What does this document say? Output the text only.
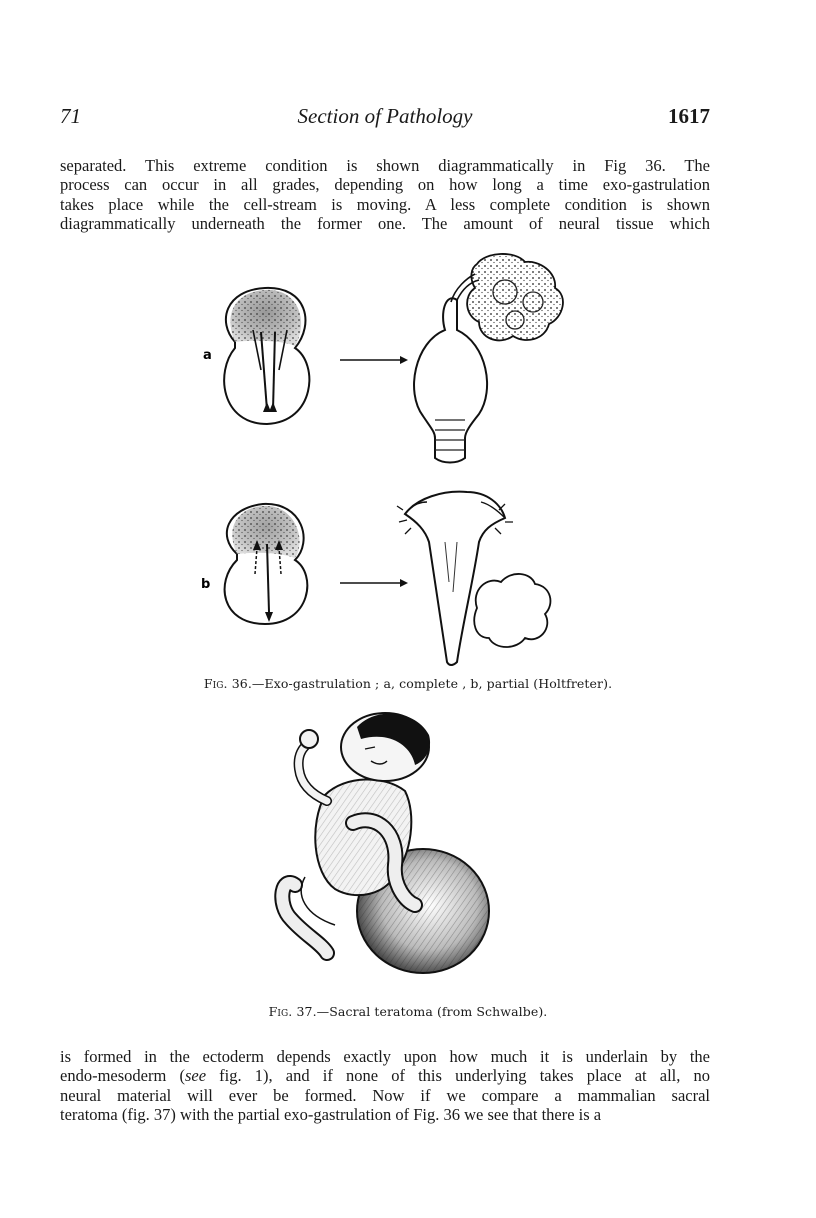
71	Section of Pathology	1617

separated. This extreme condition is shown diagrammatically in Fig 36. The

process can occur in all grades, depending on how long a time exo-gastrulation

takes place while the cell-stream is moving. A less complete condition is shown

diagrammatically underneath the former one. The amount of neural tissue which

a
b
Fig. 36.—Exo-gastrulation ; a, complete , b, partial (Holtfreter).
Fig. 37.—Sacral teratoma (from Schwalbe).

is formed in the ectoderm depends exactly upon how much it is underlain by the

endo-mesoderm (see fig. 1), and if none of this underlying takes place at all, no

neural material will ever be formed. Now if we compare a mammalian sacral

teratoma (fig. 37) with the partial exo-gastrulation of Fig. 36 we see that there is a
